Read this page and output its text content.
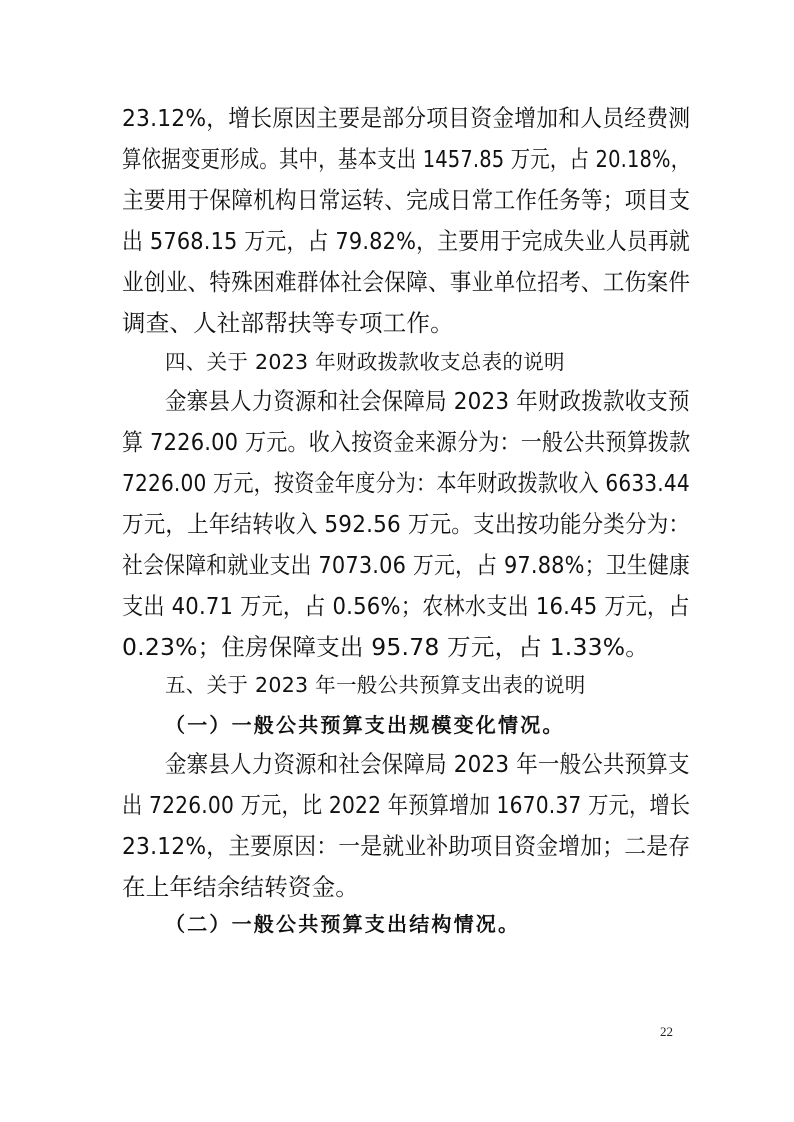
23.12%，增长原因主要是部分项目资金增加和人员经费测
算依据变更形成。其中，基本支出 1457.85 万元，占 20.18%，
主要用于保障机构日常运转、完成日常工作任务等；项目支
出 5768.15 万元，占 79.82%，主要用于完成失业人员再就
业创业、特殊困难群体社会保障、事业单位招考、工伤案件
调查、人社部帮扶等专项工作。
四、关于 2023 年财政拨款收支总表的说明
金寨县人力资源和社会保障局 2023 年财政拨款收支预
算 7226.00 万元。收入按资金来源分为：一般公共预算拨款
7226.00 万元，按资金年度分为：本年财政拨款收入 6633.44
万元，上年结转收入 592.56 万元。支出按功能分类分为：
社会保障和就业支出 7073.06 万元，占 97.88%；卫生健康
支出 40.71 万元，占 0.56%；农林水支出 16.45 万元，占
0.23%；住房保障支出 95.78 万元，占 1.33%。
五、关于 2023 年一般公共预算支出表的说明
（一）一般公共预算支出规模变化情况。
金寨县人力资源和社会保障局 2023 年一般公共预算支
出 7226.00 万元，比 2022 年预算增加 1670.37 万元，增长
23.12%，主要原因：一是就业补助项目资金增加；二是存
在上年结余结转资金。
（二）一般公共预算支出结构情况。
22
